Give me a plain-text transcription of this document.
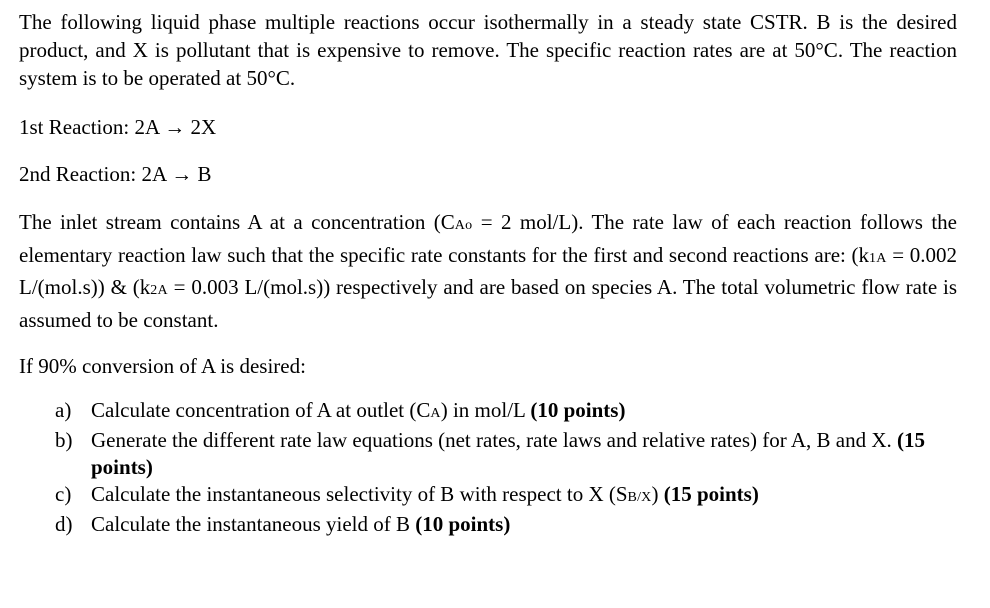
The following liquid phase multiple reactions occur isothermally in a steady state CSTR. B is the desired product, and X is pollutant that is expensive to remove. The specific reaction rates are at 50°C. The reaction system is to be operated at 50°C.

1st Reaction: 2A → 2X

2nd Reaction: 2A → B

The inlet stream contains A at a concentration (CAo = 2 mol/L). The rate law of each reaction follows the elementary reaction law such that the specific rate constants for the first and second reactions are: (k1A = 0.002 L/(mol.s)) & (k2A = 0.003 L/(mol.s)) respectively and are based on species A. The total volumetric flow rate is assumed to be constant.

If 90% conversion of A is desired:

a) Calculate concentration of A at outlet (CA) in mol/L (10 points)
b) Generate the different rate law equations (net rates, rate laws and relative rates) for A, B and X. (15 points)
c) Calculate the instantaneous selectivity of B with respect to X (SB/X) (15 points)
d) Calculate the instantaneous yield of B (10 points)
